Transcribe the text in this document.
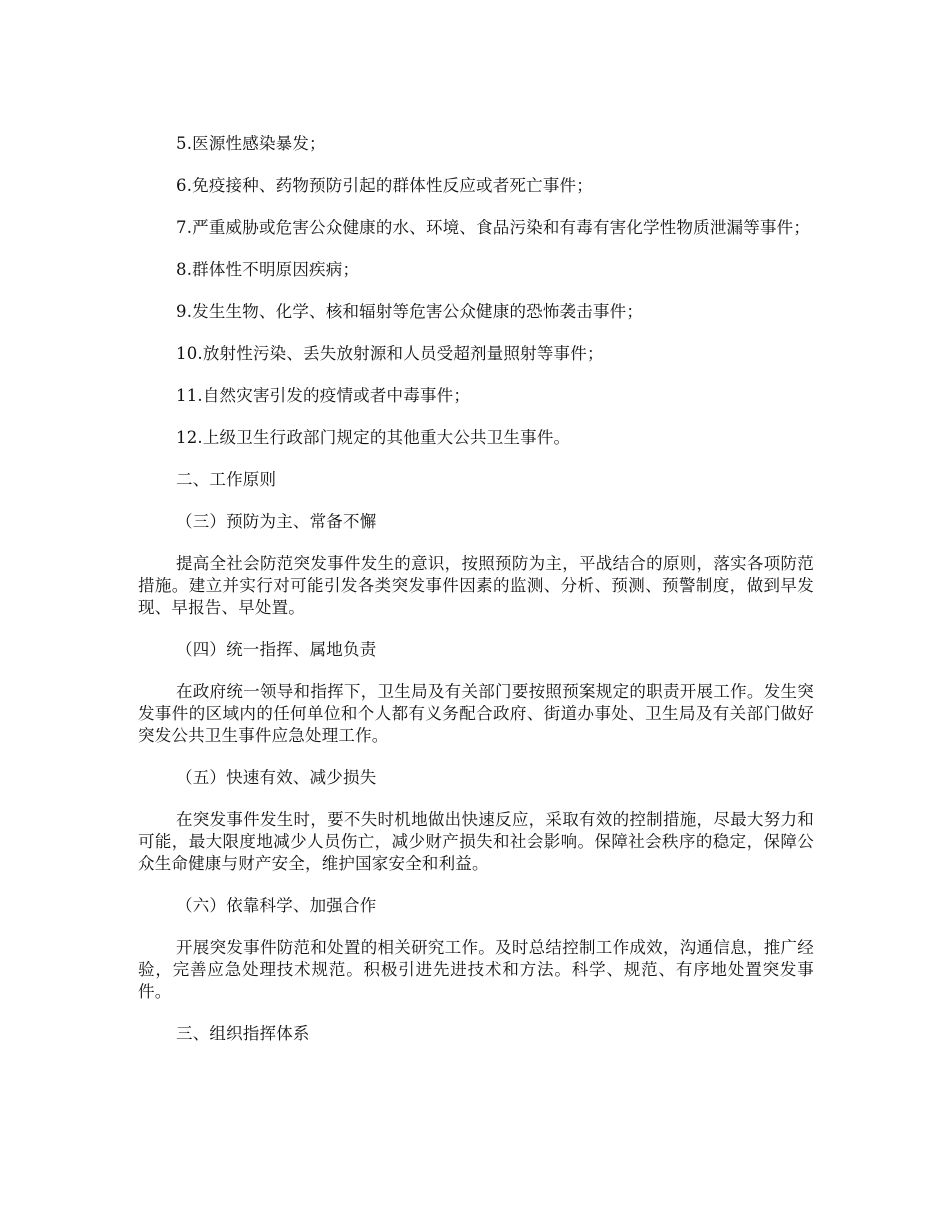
5.医源性感染暴发；

6.免疫接种、药物预防引起的群体性反应或者死亡事件；

7.严重威胁或危害公众健康的水、环境、食品污染和有毒有害化学性物质泄漏等事件；

8.群体性不明原因疾病；

9.发生生物、化学、核和辐射等危害公众健康的恐怖袭击事件；

10.放射性污染、丢失放射源和人员受超剂量照射等事件；

11.自然灾害引发的疫情或者中毒事件；

12.上级卫生行政部门规定的其他重大公共卫生事件。

二、工作原则

（三）预防为主、常备不懈

提高全社会防范突发事件发生的意识，按照预防为主，平战结合的原则，落实各项防范措施。建立并实行对可能引发各类突发事件因素的监测、分析、预测、预警制度，做到早发现、早报告、早处置。

（四）统一指挥、属地负责

在政府统一领导和指挥下，卫生局及有关部门要按照预案规定的职责开展工作。发生突发事件的区域内的任何单位和个人都有义务配合政府、街道办事处、卫生局及有关部门做好突发公共卫生事件应急处理工作。

（五）快速有效、减少损失

在突发事件发生时，要不失时机地做出快速反应，采取有效的控制措施，尽最大努力和可能，最大限度地减少人员伤亡，减少财产损失和社会影响。保障社会秩序的稳定，保障公众生命健康与财产安全，维护国家安全和利益。

（六）依靠科学、加强合作

开展突发事件防范和处置的相关研究工作。及时总结控制工作成效，沟通信息，推广经验，完善应急处理技术规范。积极引进先进技术和方法。科学、规范、有序地处置突发事件。

三、组织指挥体系
